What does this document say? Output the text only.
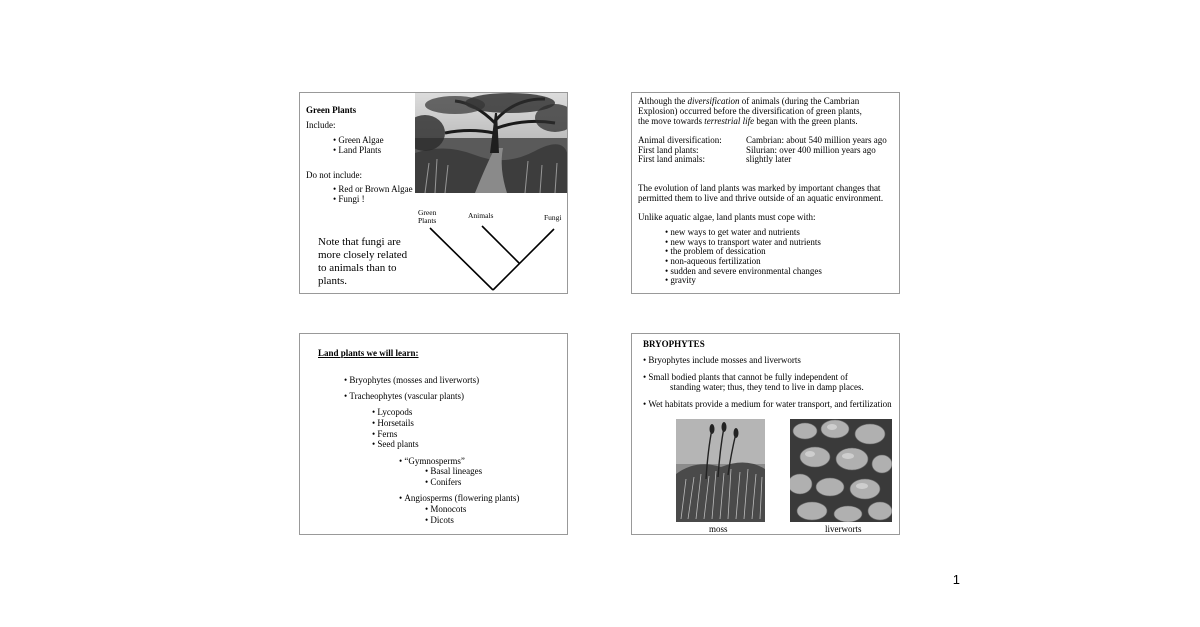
Green Plants
Include:
• Green Algae
• Land Plants
Do not include:
• Red or Brown Algae
• Fungi !
Green
Plants
Animals	Fungi
Note that fungi are
more closely related
to animals than to
plants.
Although the diversification of animals (during the Cambrian
Explosion) occurred before the diversification of green plants,
the move towards terrestrial life began with the green plants.
Animal diversification:	Cambrian: about 540 million years ago
First land plants:	Silurian: over 400 million years ago
First land animals:	slightly later
The evolution of land plants was marked by important changes that
permitted them to live and thrive outside of an aquatic environment.
Unlike aquatic algae, land plants must cope with:
• new ways to get water and nutrients
• new ways to transport water and nutrients
• the problem of dessication
• non-aqueous fertilization
• sudden and severe environmental changes
• gravity
Land plants we will learn:
• Bryophytes (mosses and liverworts)
• Tracheophytes (vascular plants)
• Lycopods
• Horsetails
• Ferns
• Seed plants
• “Gymnosperms”
• Basal lineages
• Conifers
• Angiosperms (flowering plants)
• Monocots
• Dicots
BRYOPHYTES
• Bryophytes include mosses and liverworts
• Small bodied plants that cannot be fully independent of
standing water; thus, they tend to live in damp places.
• Wet habitats provide a medium for water transport, and fertilization
moss	liverworts
1
